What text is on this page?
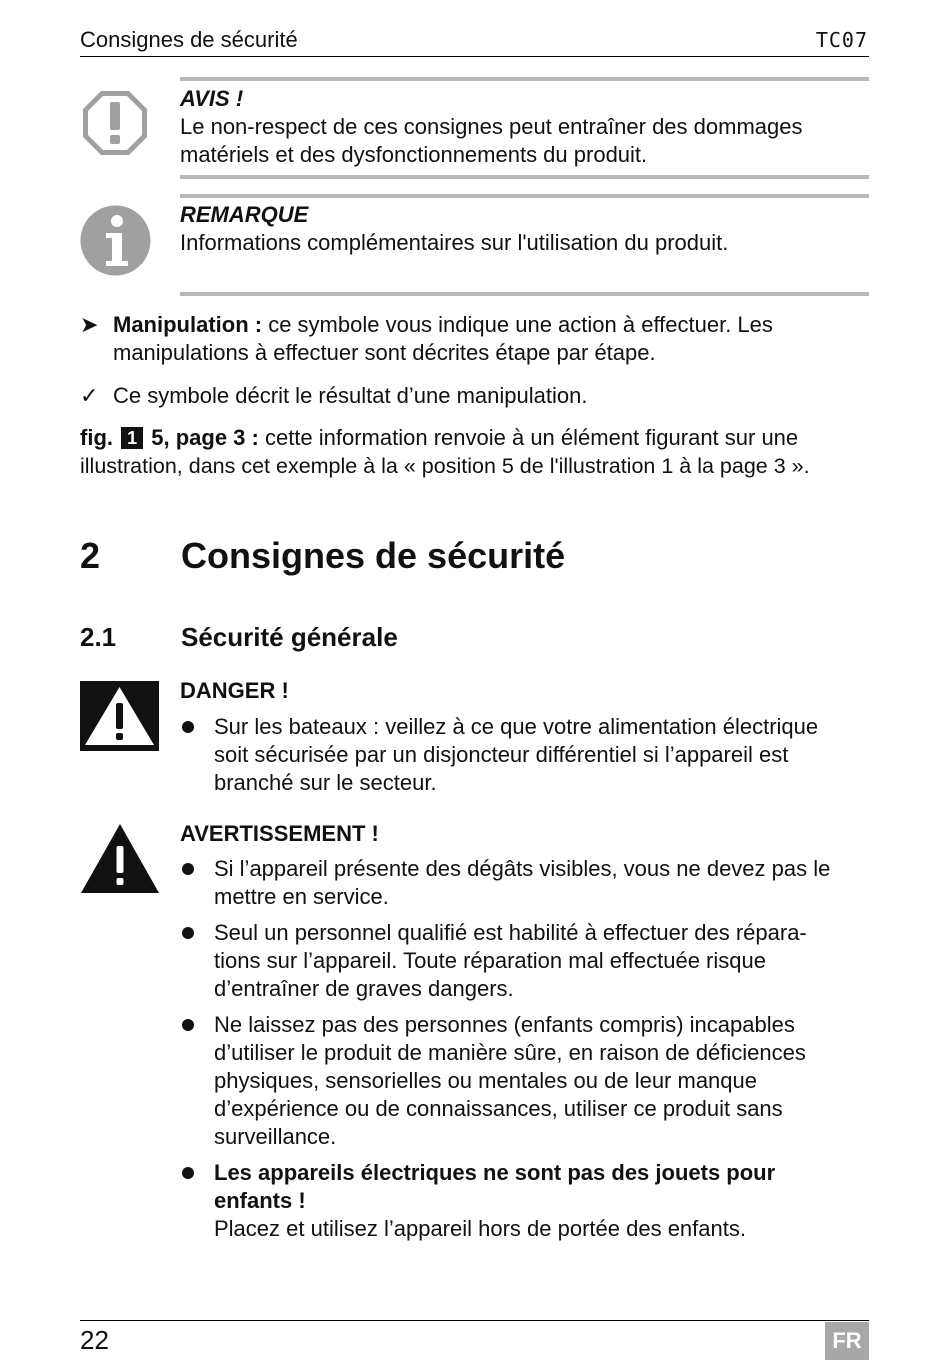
Consignes de sécurité	TC07
AVIS !
Le non-respect de ces consignes peut entraîner des dommages
matériels et des dysfonctionnements du produit.
REMARQUE
Informations complémentaires sur l'utilisation du produit.
➤ Manipulation : ce symbole vous indique une action à effectuer. Les
manipulations à effectuer sont décrites étape par étape.
✓ Ce symbole décrit le résultat d’une manipulation.
fig. 1 5, page 3 : cette information renvoie à un élément figurant sur une
illustration, dans cet exemple à la « position 5 de l'illustration 1 à la page 3 ».
2 Consignes de sécurité
2.1 Sécurité générale
DANGER !
Sur les bateaux : veillez à ce que votre alimentation électrique
soit sécurisée par un disjoncteur différentiel si l’appareil est
branché sur le secteur.
AVERTISSEMENT !
Si l’appareil présente des dégâts visibles, vous ne devez pas le
mettre en service.
Seul un personnel qualifié est habilité à effectuer des répara-
tions sur l’appareil. Toute réparation mal effectuée risque
d’entraîner de graves dangers.
Ne laissez pas des personnes (enfants compris) incapables
d’utiliser le produit de manière sûre, en raison de déficiences
physiques, sensorielles ou mentales ou de leur manque
d’expérience ou de connaissances, utiliser ce produit sans
surveillance.
Les appareils électriques ne sont pas des jouets pour
enfants !
Placez et utilisez l’appareil hors de portée des enfants.
22	FR
